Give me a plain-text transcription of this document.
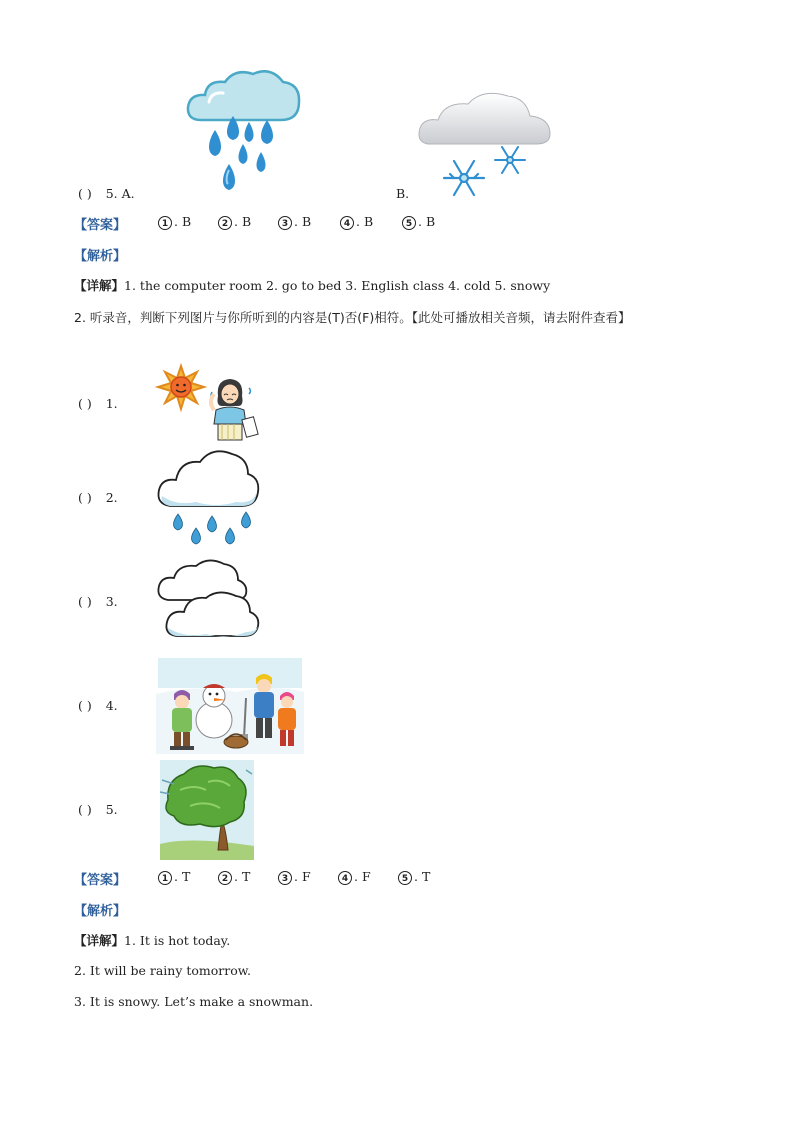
( ) 5. A.	B.
【答案】	1 . B	2 . B	3 . B	4 . B	5 . B
【解析】
【详解】1. the computer room 2. go to bed 3. English class 4. cold 5. snowy
2. 听录音，判断下列图片与你所听到的内容是(T)否(F)相符。【此处可播放相关音频，请去附件查看】
( ) 1.
( ) 2.
( ) 3.
( ) 4.
( ) 5.
【答案】	1 . T	2 . T	3 . F	4 . F	5 . T
【解析】
【详解】1. It is hot today.
2. It will be rainy tomorrow.
3. It is snowy. Let’s make a snowman.
